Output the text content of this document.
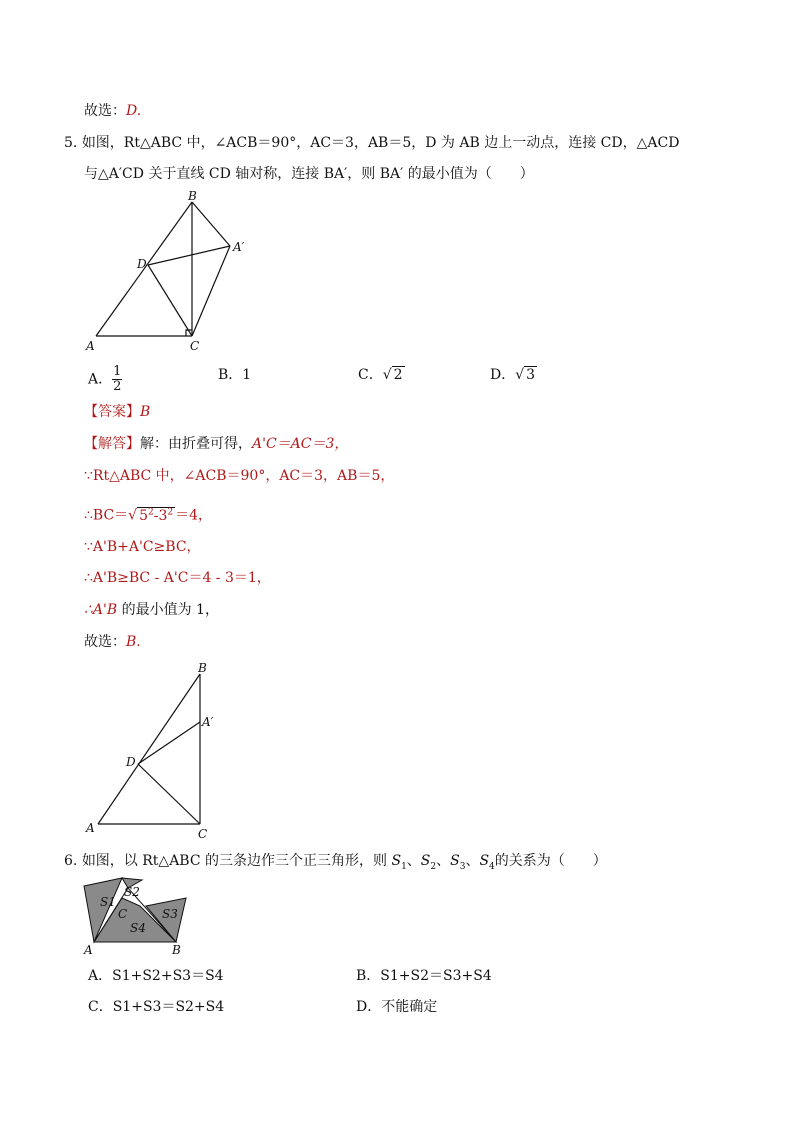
故选：D.
5. 如图，Rt△ABC 中，∠ACB＝90°，AC＝3，AB＝5，D 为 AB 边上一动点，连接 CD，△ACD
与△A′CD 关于直线 CD 轴对称，连接 BA′，则 BA′ 的最小值为（　　）
A
B
C
D
A′
A． $\frac{1}{2}$	B．1	C．√ 2	D．√ 3
【答案】B
【解答】解：由折叠可得，A'C＝AC＝3，
∵Rt△ABC 中，∠ACB＝90°，AC＝3，AB＝5，
∴BC＝√ $5^2-3^2 =4$，
∵A'B+A'C≥BC，
∴A'B≥BC - A'C＝4 - 3＝1，
∴A'B 的最小值为 1，
故选：B.
A
B
C
D
A′
6. 如图，以 Rt△ABC 的三条边作三个正三角形，则 $S_1$、$S_2$、$S_3$、$S_4$的关系为（　　）
S1
S2
C	S3
S4
A	B
A．S1+S2+S3＝S4	B．S1+S2＝S3+S4
C．S1+S3＝S2+S4	D．不能确定
